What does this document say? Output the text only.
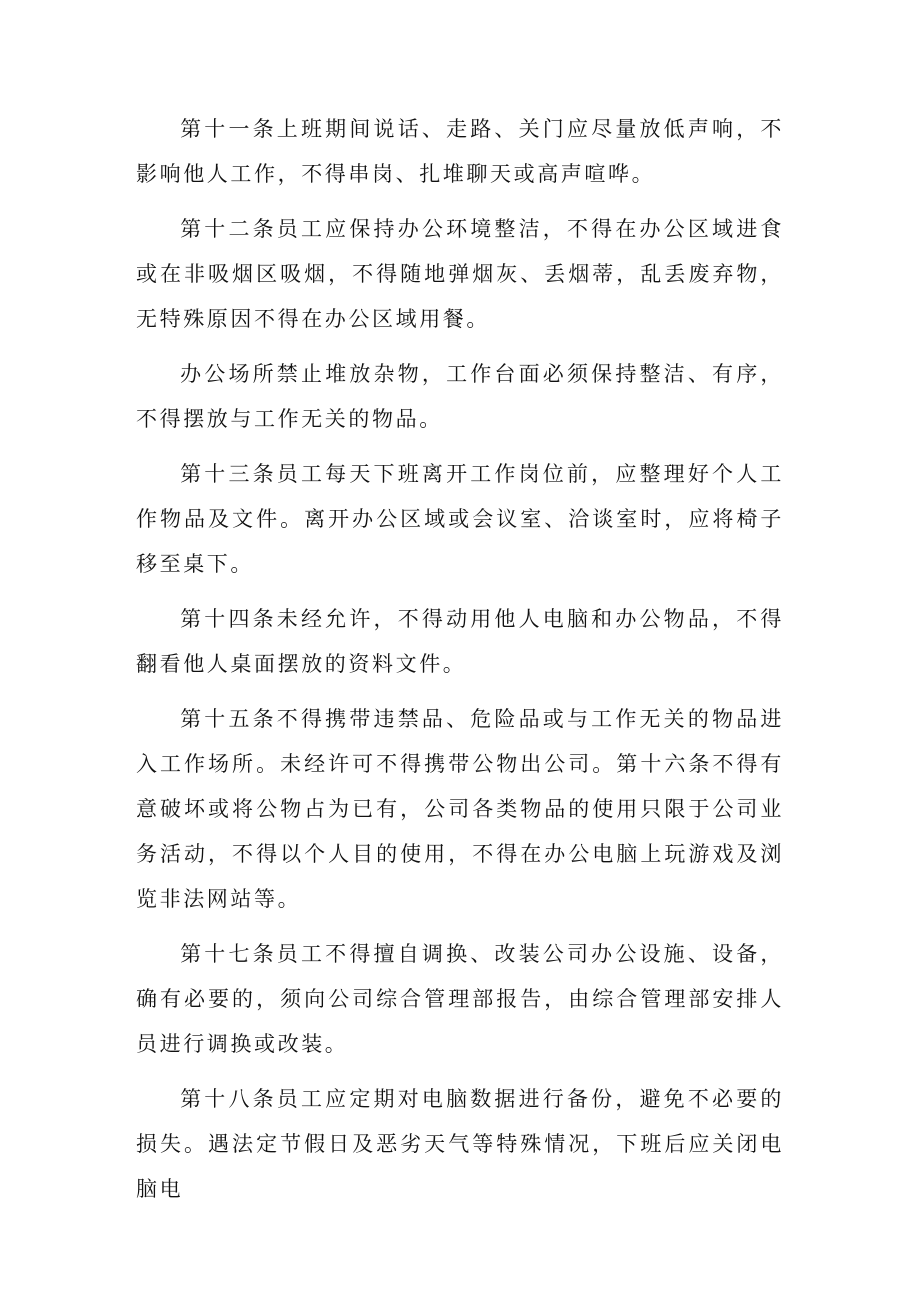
第十一条上班期间说话、走路、关门应尽量放低声响，不影响他人工作，不得串岗、扎堆聊天或高声喧哗。

第十二条员工应保持办公环境整洁，不得在办公区域进食或在非吸烟区吸烟，不得随地弹烟灰、丢烟蒂，乱丢废弃物，无特殊原因不得在办公区域用餐。

办公场所禁止堆放杂物，工作台面必须保持整洁、有序，不得摆放与工作无关的物品。

第十三条员工每天下班离开工作岗位前，应整理好个人工作物品及文件。离开办公区域或会议室、洽谈室时，应将椅子移至桌下。

第十四条未经允许，不得动用他人电脑和办公物品，不得翻看他人桌面摆放的资料文件。

第十五条不得携带违禁品、危险品或与工作无关的物品进入工作场所。未经许可不得携带公物出公司。第十六条不得有意破坏或将公物占为已有，公司各类物品的使用只限于公司业务活动，不得以个人目的使用，不得在办公电脑上玩游戏及浏览非法网站等。

第十七条员工不得擅自调换、改装公司办公设施、设备，确有必要的，须向公司综合管理部报告，由综合管理部安排人员进行调换或改装。

第十八条员工应定期对电脑数据进行备份，避免不必要的损失。遇法定节假日及恶劣天气等特殊情况，下班后应关闭电脑电
